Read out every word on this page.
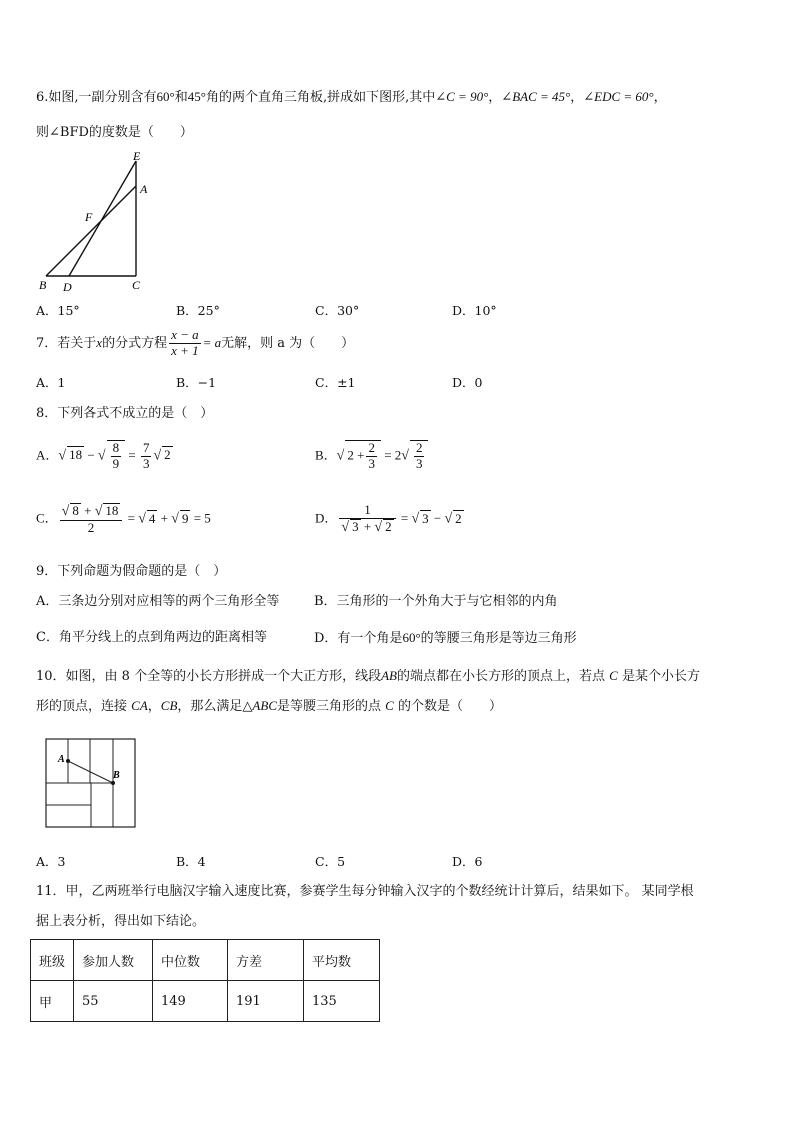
6.如图,一副分别含有60°和45°角的两个直角三角板,拼成如下图形,其中∠C = 90°，∠BAC = 45°，∠EDC = 60°，
则∠BFD的度数是（　　）
E
A
F
B D	C
A．15°	B．25°	C．30°	D．10°
7．若关于x的分式方程 $\frac{x - a}{x + 1} = a$无解，则 a 为（　　）
A．1	B．−1	C．±1	D．0
8．下列各式不成立的是（　）
A．√ 18 − √ $\frac{8}{9} = \frac{7}{3}$ √ 2	B．√ $2 + \frac{2}{3} = 2√ \frac{2}{3}$
C． $\frac{√ 8 + √ 18}{2}$ = √ 4 + √ 9 = 5	D． $\frac{1}{√ 3 + √ 2}$ = √ 3 − √ 2
9．下列命题为假命题的是（　）
A．三条边分别对应相等的两个三角形全等	B．三角形的一个外角大于与它相邻的内角
C．角平分线上的点到角两边的距离相等	D．有一个角是60°的等腰三角形是等边三角形
10．如图，由 8 个全等的小长方形拼成一个大正方形，线段AB的端点都在小长方形的顶点上，若点 C 是某个小长方
形的顶点，连接 CA，CB，那么满足△ABC是等腰三角形的点 C 的个数是（　　）
A
B
A．3	B．4	C．5	D．6
11．甲，乙两班举行电脑汉字输入速度比赛，参赛学生每分钟输入汉字的个数经统计计算后，结果如下。 某同学根
据上表分析，得出如下结论。
班级	参加人数	中位数	方差	平均数
甲	55	149	191	135
